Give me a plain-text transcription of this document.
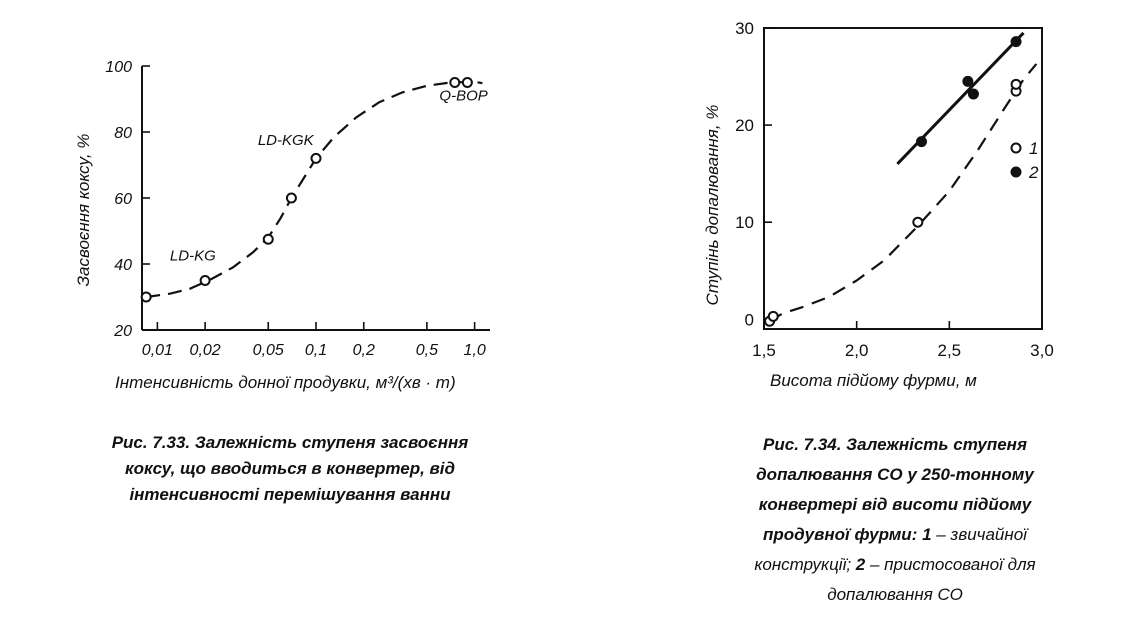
0,01 0,02 0,05 0,1 0,2	0,5 1,0
20
40
60
80
100
LD-KG
LD-KGK
Q-BOP
Засвоєння коксу, %
Інтенсивність донної продувки, м³/(хв · т)
1,5	2,0	2,5	3,0
0
10
20
30
1
2
Ступінь допалювання, %
Висота підйому фурми, м
Рис. 7.33. Залежність ступеня засвоєння
коксу, що вводиться в конвертер, від
інтенсивності перемішування ванни
Рис. 7.34. Залежність ступеня
допалювання СО у 250-тонному
конвертері від висоти підйому
продувної фурми: 1 – звичайної
конструкції; 2 – пристосованої для
допалювання СО
